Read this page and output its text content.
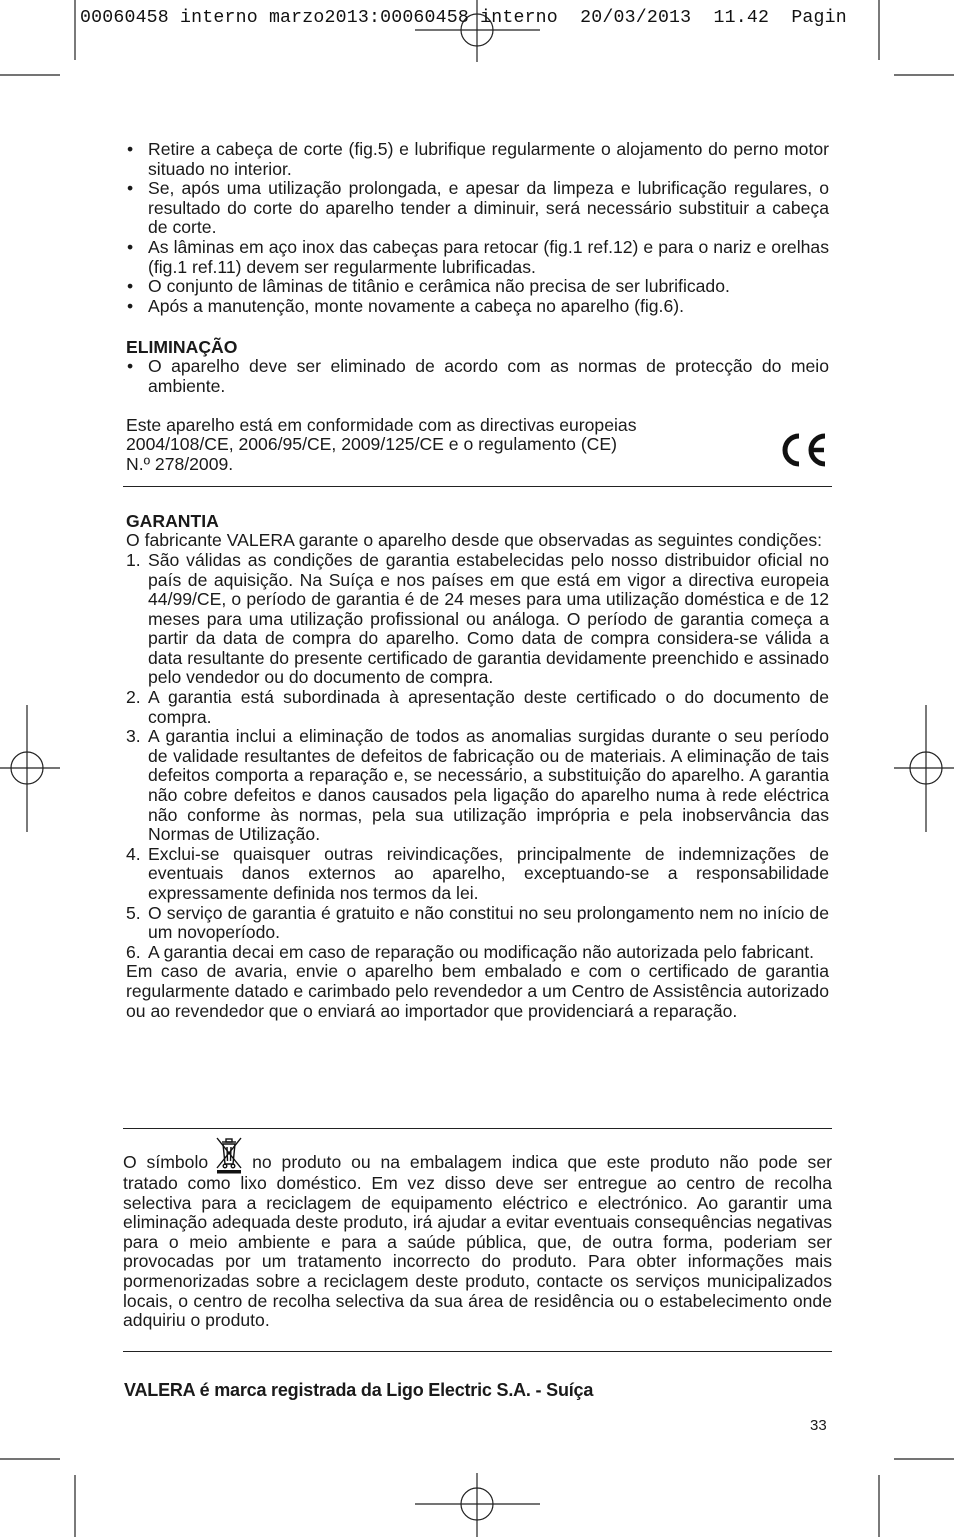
00060458 interno marzo2013:00060458 interno  20/03/2013  11.42  Pagin

• Retire a cabeça de corte (fig.5) e lubrifique regularmente o alojamento do perno motor situado no interior.
• Se, após uma utilização prolongada, e apesar da limpeza e lubrificação regulares, o resultado do corte do aparelho tender a diminuir, será necessário substituir a cabeça de corte.
• As lâminas em aço inox das cabeças para retocar (fig.1 ref.12) e para o nariz e orelhas (fig.1 ref.11) devem ser regularmente lubrificadas.
• O conjunto de lâminas de titânio e cerâmica não precisa de ser lubrificado.
• Após a manutenção, monte novamente a cabeça no aparelho (fig.6).
ELIMINAÇÃO
• O aparelho deve ser eliminado de acordo com as normas de protecção do meio ambiente.
Este aparelho está em conformidade com as directivas europeias
2004/108/CE, 2006/95/CE, 2009/125/CE e o regulamento (CE)
N.º 278/2009.
GARANTIA

O fabricante VALERA garante o aparelho desde que observadas as seguintes condições:

1. São válidas as condições de garantia estabelecidas pelo nosso distribuidor oficial no país de aquisição. Na Suíça e nos países em que está em vigor a directiva europeia 44/99/CE, o período de garantia é de 24 meses para uma utilização doméstica e de 12 meses para uma utilização profissional ou análoga. O período de garantia começa a partir da data de compra do aparelho. Como data de compra considera-se válida a data resultante do presente certificado de garantia devidamente preenchido e assinado pelo vendedor ou do documento de compra.
2. A garantia está subordinada à apresentação deste certificado o do documento de compra.
3. A garantia inclui a eliminação de todos as anomalias surgidas durante o seu período de validade resultantes de defeitos de fabricação ou de materiais. A eliminação de tais defeitos comporta a reparação e, se necessário, a substituição do aparelho. A garantia não cobre defeitos e danos causados pela ligação do aparelho numa à rede eléctrica não conforme às normas, pela sua utilização imprópria e pela inobservância das Normas de Utilização.
4. Exclui-se quaisquer outras reivindicações, principalmente de indemnizações de eventuais danos externos ao aparelho, exceptuando-se a responsabilidade expressamente definida nos termos da lei.
5. O serviço de garantia é gratuito e não constitui no seu prolongamento nem no início de um novoperíodo.
6. A garantia decai em caso de reparação ou modificação não autorizada pelo fabricant.

Em caso de avaria, envie o aparelho bem embalado e com o certificado de garantia regularmente datado e carimbado pelo revendedor a um Centro de Assistência autorizado ou ao revendedor que o enviará ao importador que providenciará a reparação.

O símbolo	no produto ou na embalagem indica que este produto não pode ser tratado como lixo doméstico. Em vez disso deve ser entregue ao centro de recolha selectiva para a reciclagem de equipamento eléctrico e electrónico. Ao garantir uma eliminação adequada deste produto, irá ajudar a evitar eventuais consequências negativas para o meio ambiente e para a saúde pública, que, de outra forma, poderiam ser provocadas por um tratamento incorrecto do produto. Para obter informações mais pormenorizadas sobre a reciclagem deste produto, contacte os serviços municipalizados locais, o centro de recolha selectiva da sua área de residência ou o estabelecimento onde adquiriu o produto.

VALERA é marca registrada da Ligo Electric S.A. - Suíça

33
